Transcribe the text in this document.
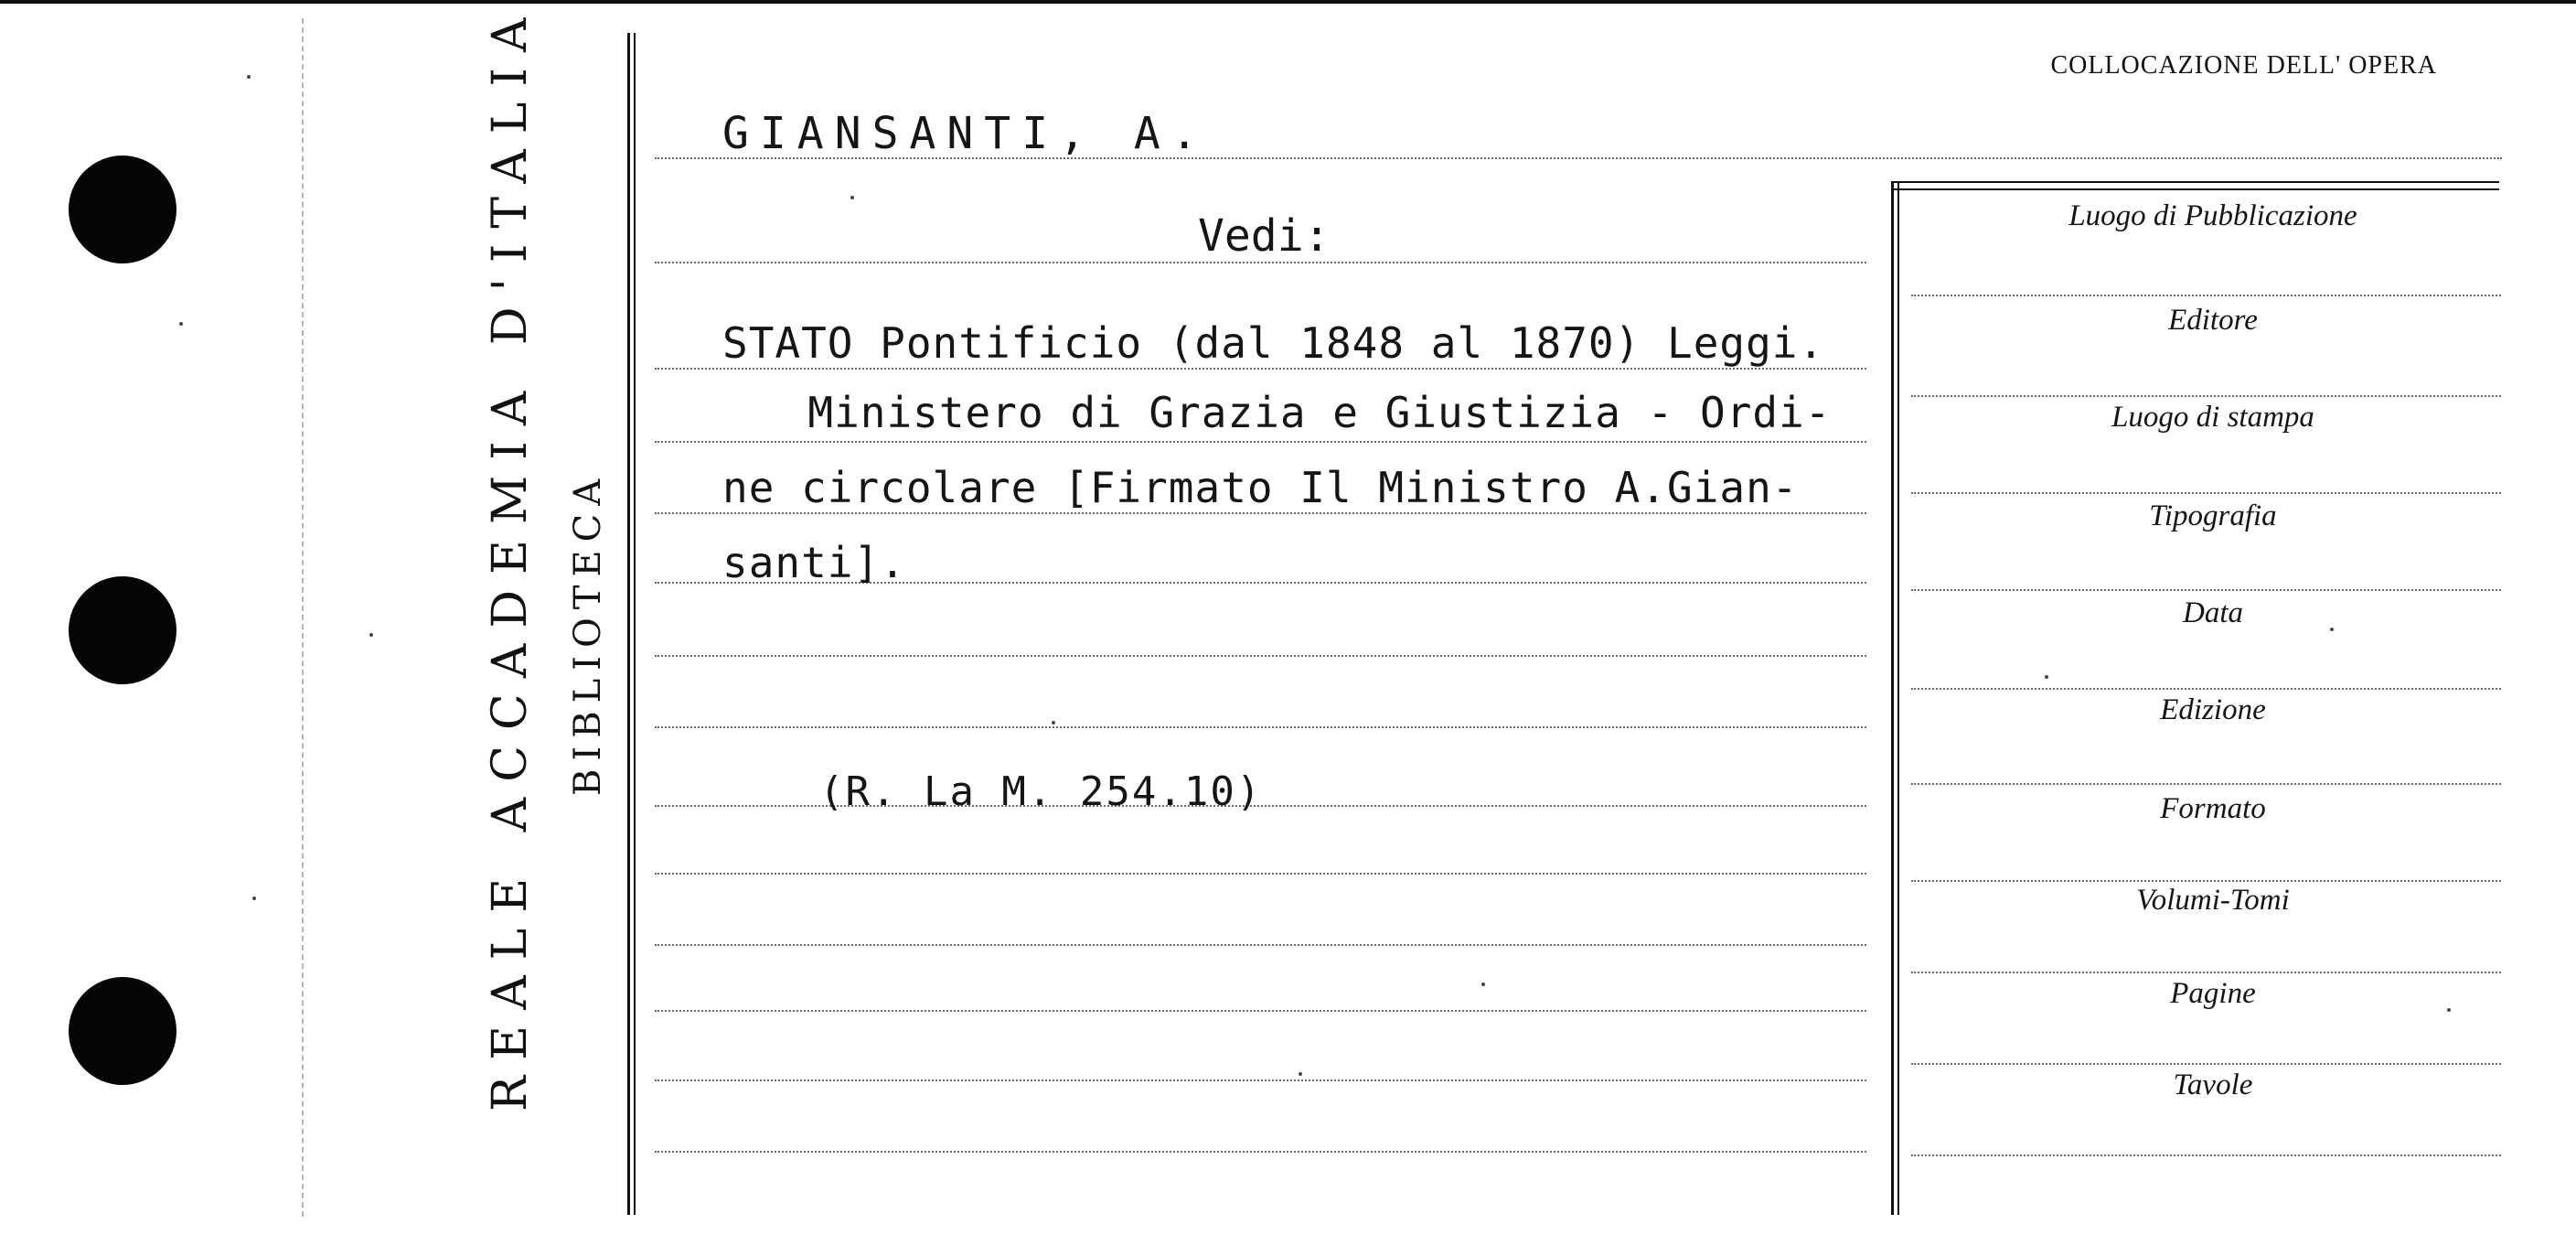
REALE ACCADEMIA D'ITALIA BIBLIOTECA
COLLOCAZIONE DELL' OPERA
Luogo di Pubblicazione
Editore
Luogo di stampa
Tipografia
Data
Edizione
Formato
Volumi-Tomi
Pagine
Tavole
GIANSANTI, A.
Vedi:
STATO Pontificio (dal 1848 al 1870) Leggi.
Ministero di Grazia e Giustizia - Ordi-
ne circolare [Firmato Il Ministro A.Gian-
santi].
(R. La M. 254.10)
